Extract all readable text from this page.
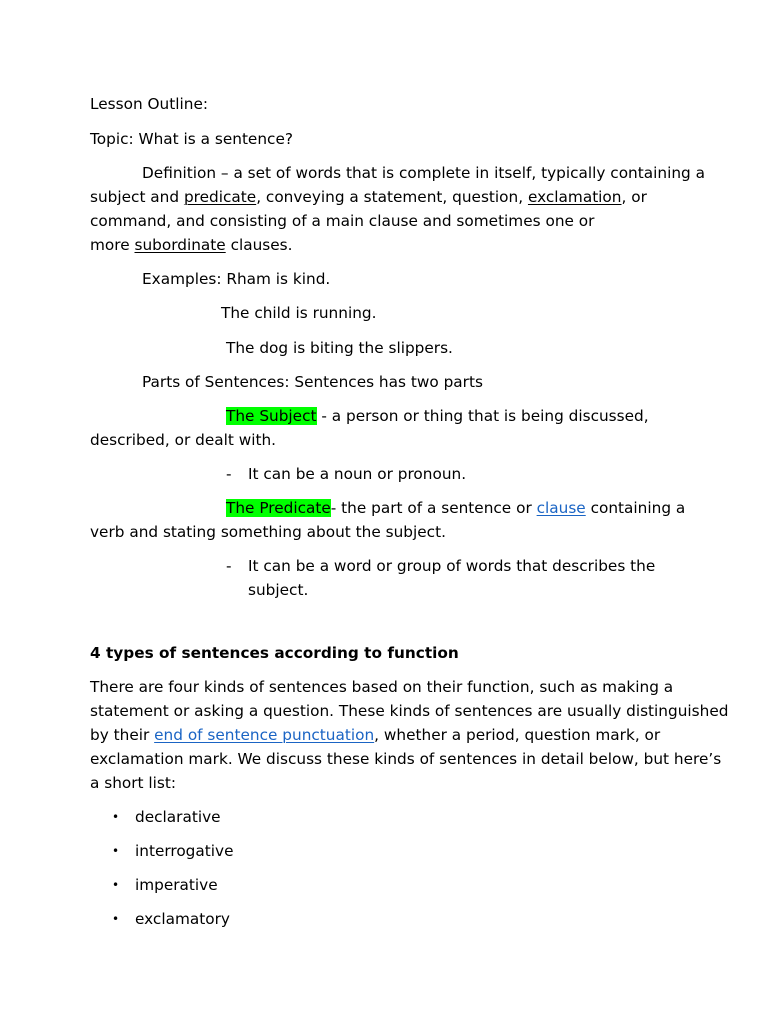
Lesson Outline:
Topic: What is a sentence?
Definition – a set of words that is complete in itself, typically containing a
subject and predicate, conveying a statement, question, exclamation, or
command, and consisting of a main clause and sometimes one or
more subordinate clauses.
Examples: Rham is kind.
The child is running.
The dog is biting the slippers.
Parts of Sentences: Sentences has two parts
The Subject - a person or thing that is being discussed,
described, or dealt with.
- It can be a noun or pronoun.
The Predicate- the part of a sentence or clause containing a
verb and stating something about the subject.
- It can be a word or group of words that describes the
subject.
4 types of sentences according to function
There are four kinds of sentences based on their function, such as making a
statement or asking a question. These kinds of sentences are usually distinguished
by their end of sentence punctuation, whether a period, question mark, or
exclamation mark. We discuss these kinds of sentences in detail below, but here’s
a short list:
• declarative
• interrogative
• imperative
• exclamatory
